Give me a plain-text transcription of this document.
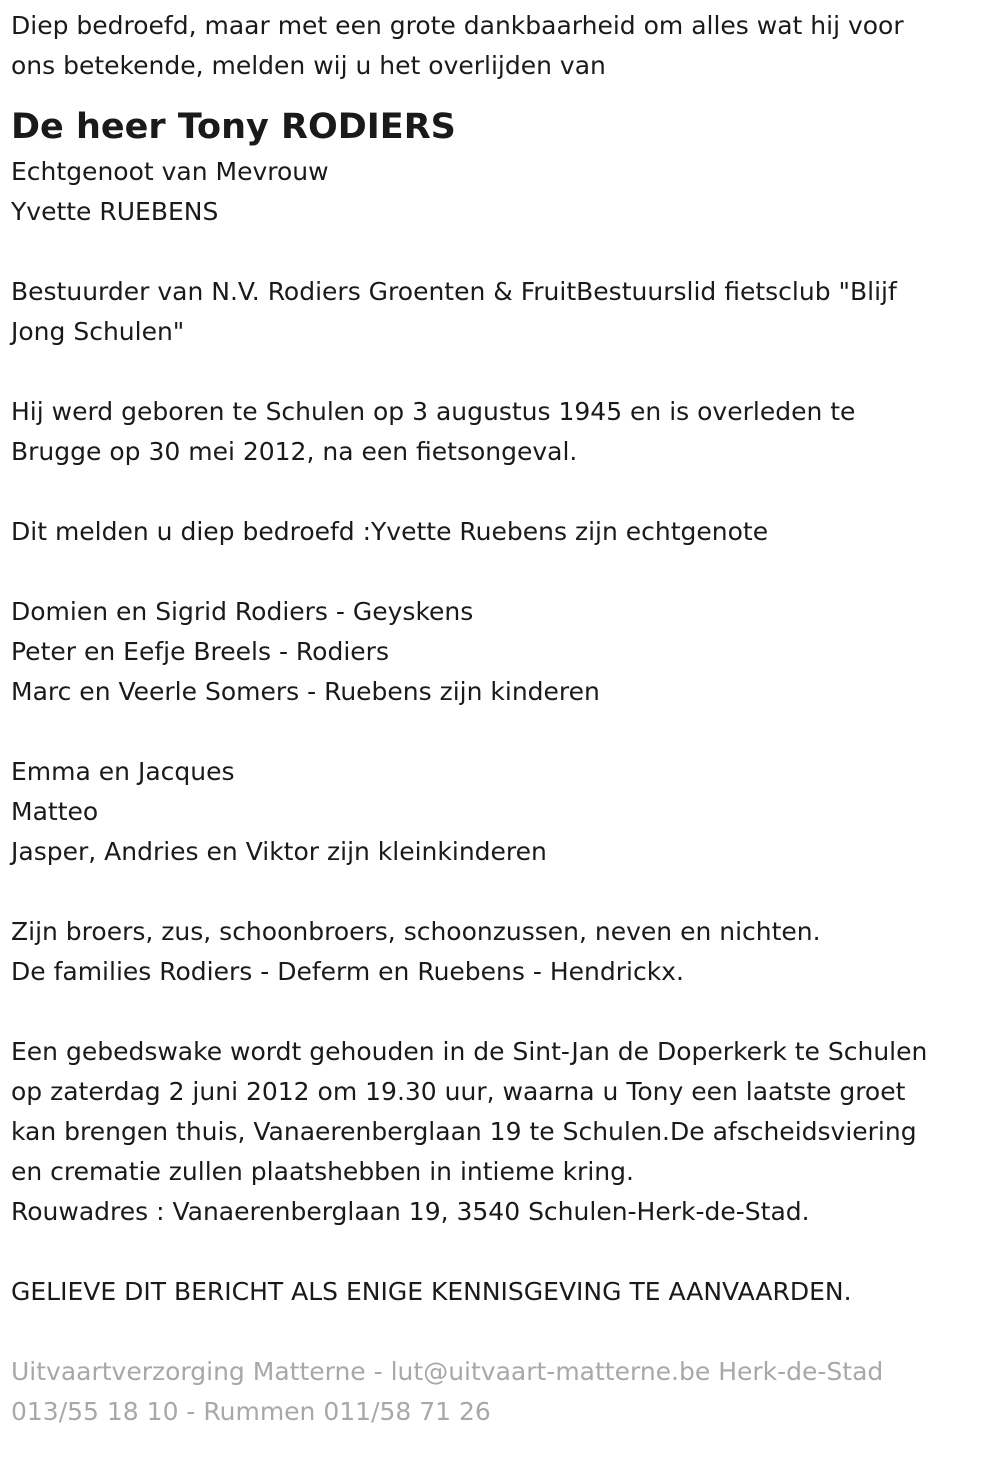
Diep bedroefd, maar met een grote dankbaarheid om alles wat hij voor

ons betekende, melden wij u het overlijden van

De heer Tony RODIERS

Echtgenoot van Mevrouw

Yvette RUEBENS

Bestuurder van N.V. Rodiers Groenten & FruitBestuurslid fietsclub "Blijf

Jong Schulen"

Hij werd geboren te Schulen op 3 augustus 1945 en is overleden te

Brugge op 30 mei 2012, na een fietsongeval.

Dit melden u diep bedroefd :Yvette Ruebens zijn echtgenote

Domien en Sigrid Rodiers - Geyskens

Peter en Eefje Breels - Rodiers

Marc en Veerle Somers - Ruebens zijn kinderen

Emma en Jacques

Matteo

Jasper, Andries en Viktor zijn kleinkinderen

Zijn broers, zus, schoonbroers, schoonzussen, neven en nichten.

De families Rodiers - Deferm en Ruebens - Hendrickx.

Een gebedswake wordt gehouden in de Sint-Jan de Doperkerk te Schulen

op zaterdag 2 juni 2012 om 19.30 uur, waarna u Tony een laatste groet

kan brengen thuis, Vanaerenberglaan 19 te Schulen.De afscheidsviering

en crematie zullen plaatshebben in intieme kring.

Rouwadres : Vanaerenberglaan 19, 3540 Schulen-Herk-de-Stad.

GELIEVE DIT BERICHT ALS ENIGE KENNISGEVING TE AANVAARDEN.

Uitvaartverzorging Matterne - lut@uitvaart-matterne.be Herk-de-Stad

013/55 18 10 - Rummen 011/58 71 26
